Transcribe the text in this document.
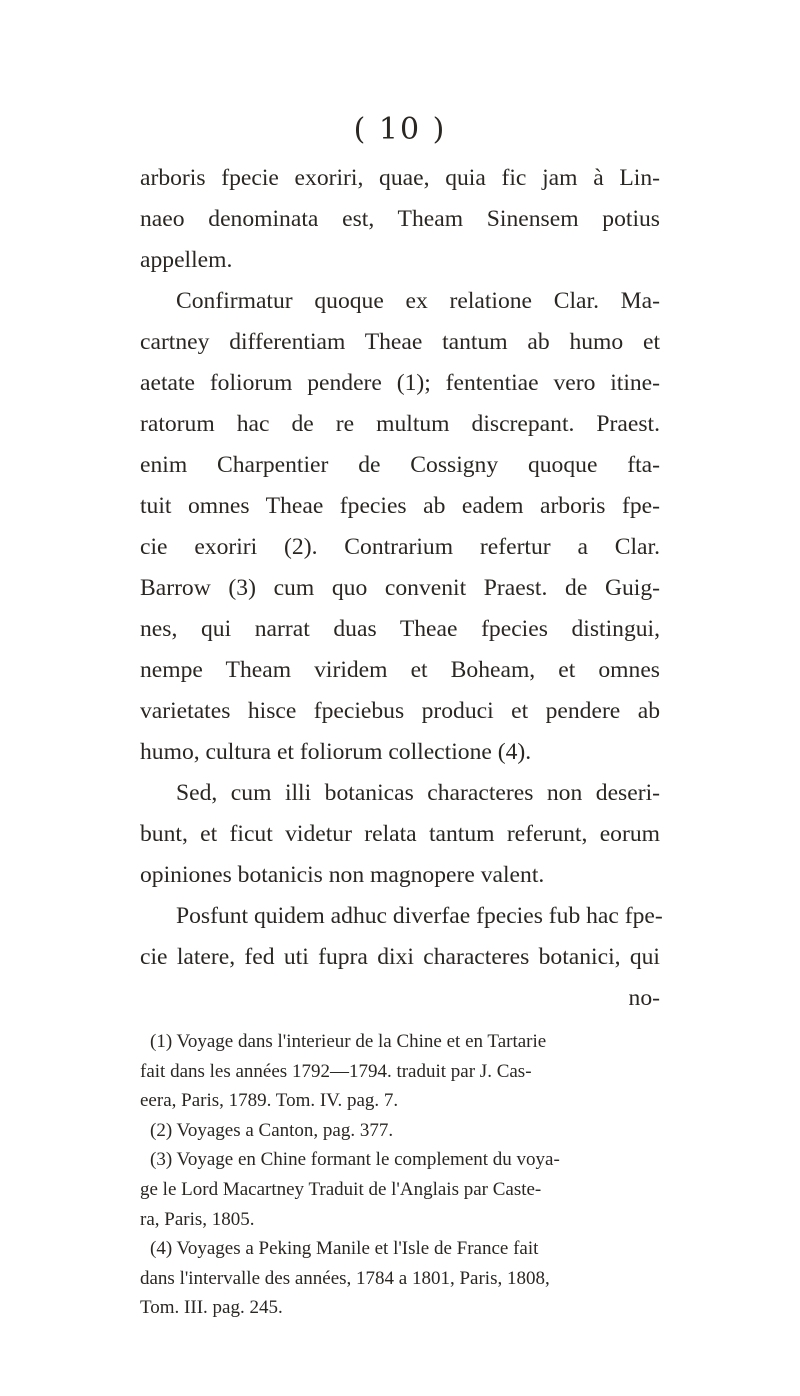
( 10 )
arboris fpecie exoriri, quae, quia fic jam à Lin-
naeo denominata est, Theam Sinensem potius
appellem.
Confirmatur quoque ex relatione Clar. Ma-
cartney differentiam Theae tantum ab humo et
aetate foliorum pendere (1); fententiae vero itine-
ratorum hac de re multum discrepant. Praest.
enim Charpentier de Cossigny quoque fta-
tuit omnes Theae fpecies ab eadem arboris fpe-
cie exoriri (2). Contrarium refertur a Clar.
Barrow (3) cum quo convenit Praest. de Guig-
nes, qui narrat duas Theae fpecies distingui,
nempe Theam viridem et Boheam, et omnes
varietates hisce fpeciebus produci et pendere ab
humo, cultura et foliorum collectione (4).
Sed, cum illi botanicas characteres non deseri-
bunt, et ficut videtur relata tantum referunt, eorum
opiniones botanicis non magnopere valent.
Posfunt quidem adhuc diverfae fpecies fub hac fpe-
cie latere, fed uti fupra dixi characteres botanici, qui
no-
(1) Voyage dans l'interieur de la Chine et en Tartarie
fait dans les années 1792—1794. traduit par J. Cas-
eera, Paris, 1789. Tom. IV. pag. 7.
(2) Voyages a Canton, pag. 377.
(3) Voyage en Chine formant le complement du voya-
ge le Lord Macartney Traduit de l'Anglais par Caste-
ra, Paris, 1805.
(4) Voyages a Peking Manile et l'Isle de France fait
dans l'intervalle des années, 1784 a 1801, Paris, 1808,
Tom. III. pag. 245.
